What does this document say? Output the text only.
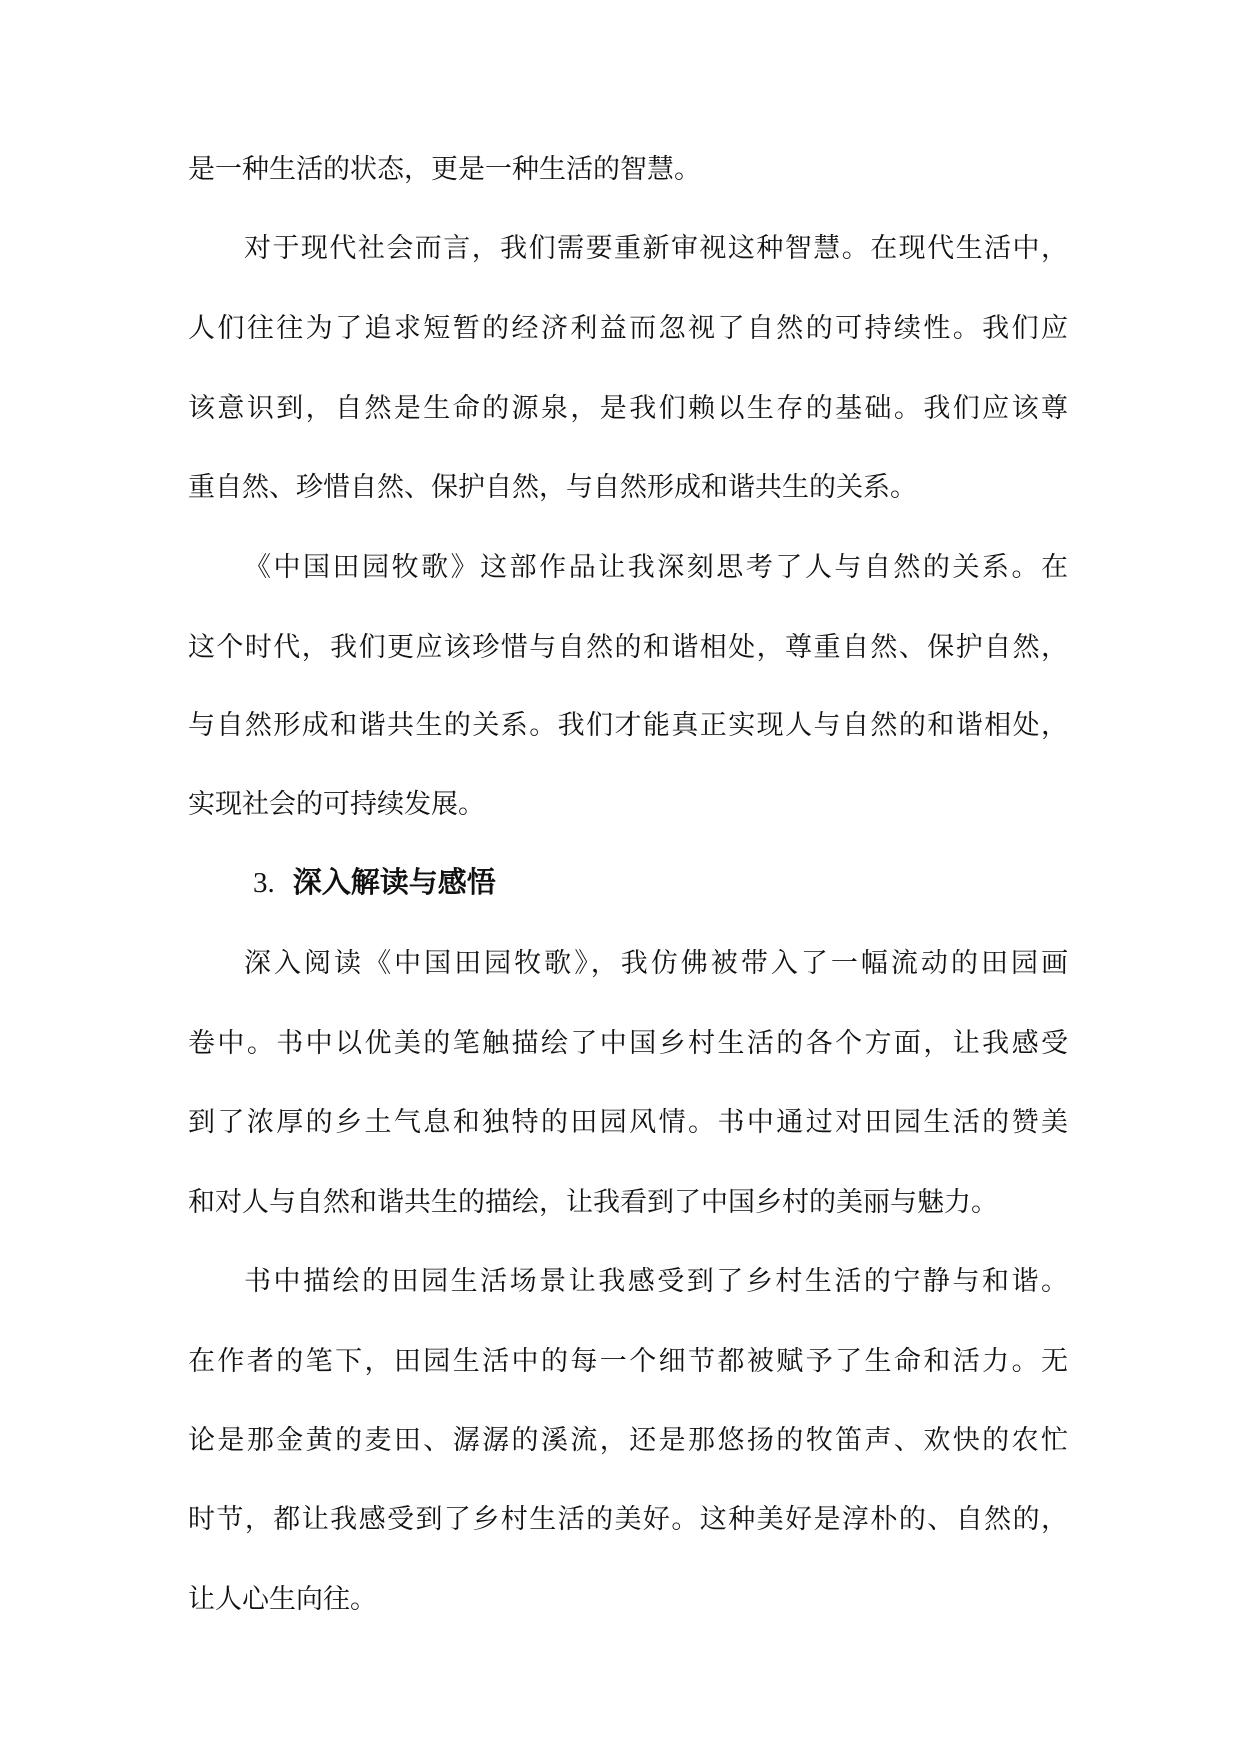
是一种生活的状态，更是一种生活的智慧。
对于现代社会而言，我们需要重新审视这种智慧。在现代生活中，
人们往往为了追求短暂的经济利益而忽视了自然的可持续性。我们应
该意识到，自然是生命的源泉，是我们赖以生存的基础。我们应该尊
重自然、珍惜自然、保护自然，与自然形成和谐共生的关系。
《中国田园牧歌》这部作品让我深刻思考了人与自然的关系。在
这个时代，我们更应该珍惜与自然的和谐相处，尊重自然、保护自然，
与自然形成和谐共生的关系。我们才能真正实现人与自然的和谐相处，
实现社会的可持续发展。
3. 深入解读与感悟
深入阅读《中国田园牧歌》，我仿佛被带入了一幅流动的田园画
卷中。书中以优美的笔触描绘了中国乡村生活的各个方面，让我感受
到了浓厚的乡土气息和独特的田园风情。书中通过对田园生活的赞美
和对人与自然和谐共生的描绘，让我看到了中国乡村的美丽与魅力。
书中描绘的田园生活场景让我感受到了乡村生活的宁静与和谐。
在作者的笔下，田园生活中的每一个细节都被赋予了生命和活力。无
论是那金黄的麦田、潺潺的溪流，还是那悠扬的牧笛声、欢快的农忙
时节，都让我感受到了乡村生活的美好。这种美好是淳朴的、自然的，
让人心生向往。
